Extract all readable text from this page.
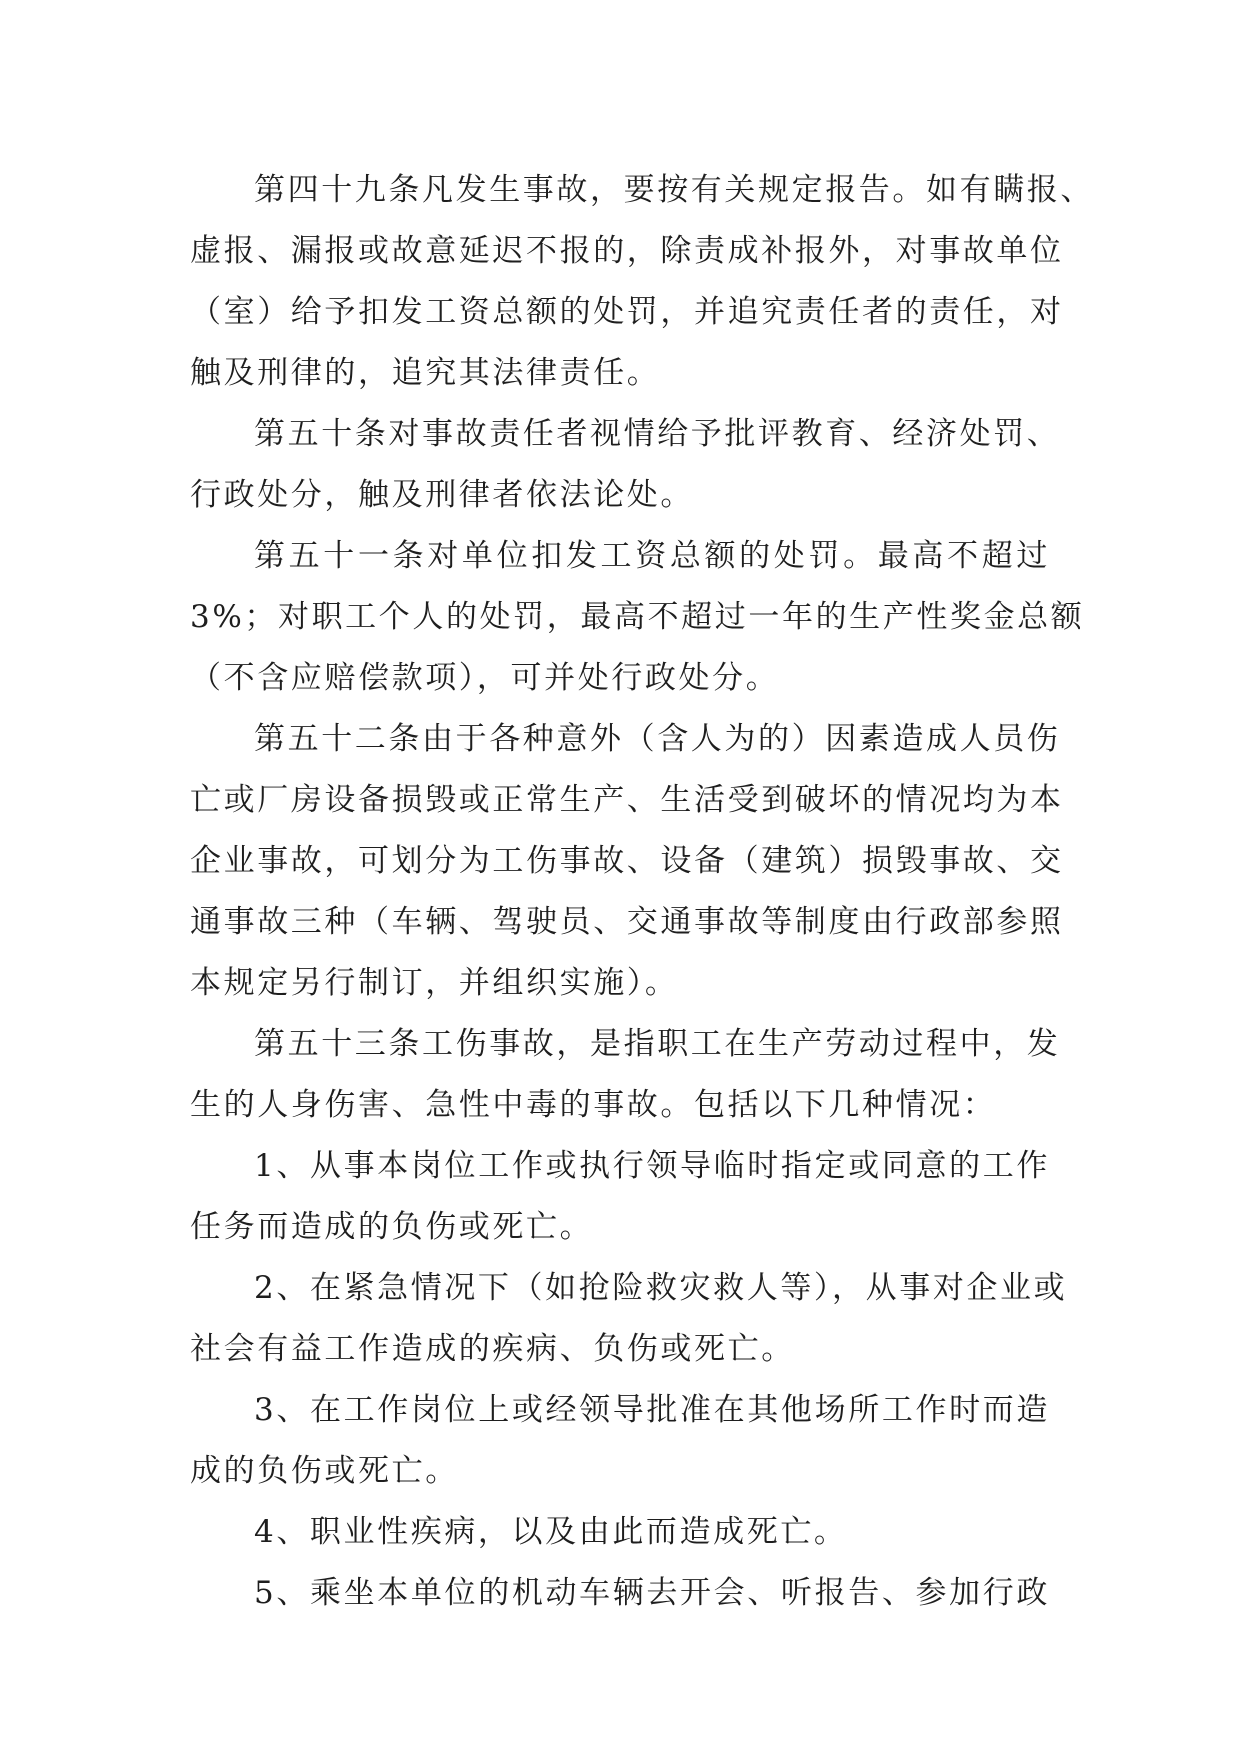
第四十九条凡发生事故，要按有关规定报告。如有瞒报、
虚报、漏报或故意延迟不报的，除责成补报外，对事故单位
（室）给予扣发工资总额的处罚，并追究责任者的责任，对
触及刑律的，追究其法律责任。
第五十条对事故责任者视情给予批评教育、经济处罚、
行政处分，触及刑律者依法论处。
第五十一条对单位扣发工资总额的处罚。最高不超过
3%；对职工个人的处罚，最高不超过一年的生产性奖金总额
（不含应赔偿款项），可并处行政处分。
第五十二条由于各种意外（含人为的）因素造成人员伤
亡或厂房设备损毁或正常生产、生活受到破坏的情况均为本
企业事故，可划分为工伤事故、设备（建筑）损毁事故、交
通事故三种（车辆、驾驶员、交通事故等制度由行政部参照
本规定另行制订，并组织实施）。
第五十三条工伤事故，是指职工在生产劳动过程中，发
生的人身伤害、急性中毒的事故。包括以下几种情况：
1、从事本岗位工作或执行领导临时指定或同意的工作
任务而造成的负伤或死亡。
2、在紧急情况下（如抢险救灾救人等），从事对企业或
社会有益工作造成的疾病、负伤或死亡。
3、在工作岗位上或经领导批准在其他场所工作时而造
成的负伤或死亡。
4、职业性疾病，以及由此而造成死亡。
5、乘坐本单位的机动车辆去开会、听报告、参加行政
